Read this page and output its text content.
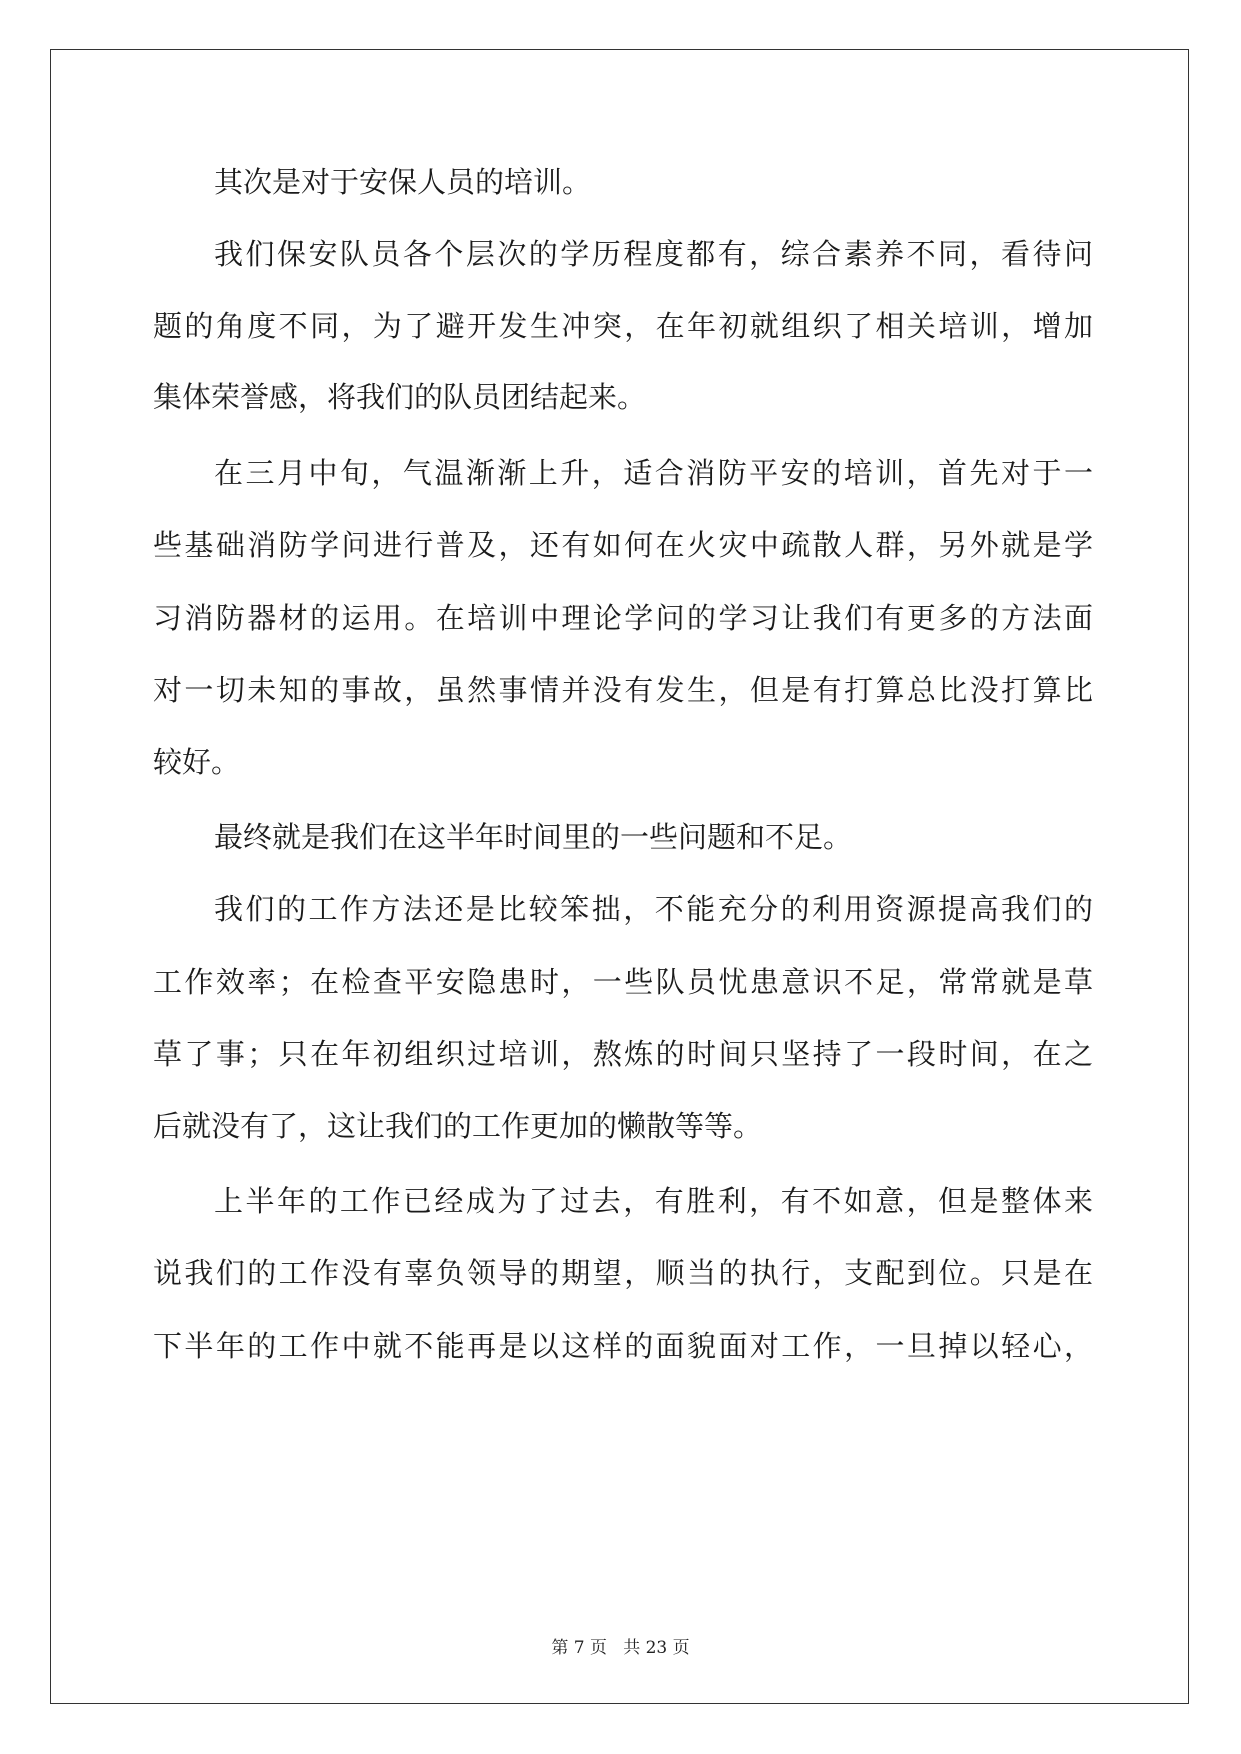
其次是对于安保人员的培训。
我们保安队员各个层次的学历程度都有，综合素养不同，看待问
题的角度不同，为了避开发生冲突，在年初就组织了相关培训，增加
集体荣誉感，将我们的队员团结起来。
在三月中旬，气温渐渐上升，适合消防平安的培训，首先对于一
些基础消防学问进行普及，还有如何在火灾中疏散人群，另外就是学
习消防器材的运用。在培训中理论学问的学习让我们有更多的方法面
对一切未知的事故，虽然事情并没有发生，但是有打算总比没打算比
较好。
最终就是我们在这半年时间里的一些问题和不足。
我们的工作方法还是比较笨拙，不能充分的利用资源提高我们的
工作效率；在检查平安隐患时，一些队员忧患意识不足，常常就是草
草了事；只在年初组织过培训，熬炼的时间只坚持了一段时间，在之
后就没有了，这让我们的工作更加的懒散等等。
上半年的工作已经成为了过去，有胜利，有不如意，但是整体来
说我们的工作没有辜负领导的期望，顺当的执行，支配到位。只是在
下半年的工作中就不能再是以这样的面貌面对工作，一旦掉以轻心，
第 7 页 共 23 页
